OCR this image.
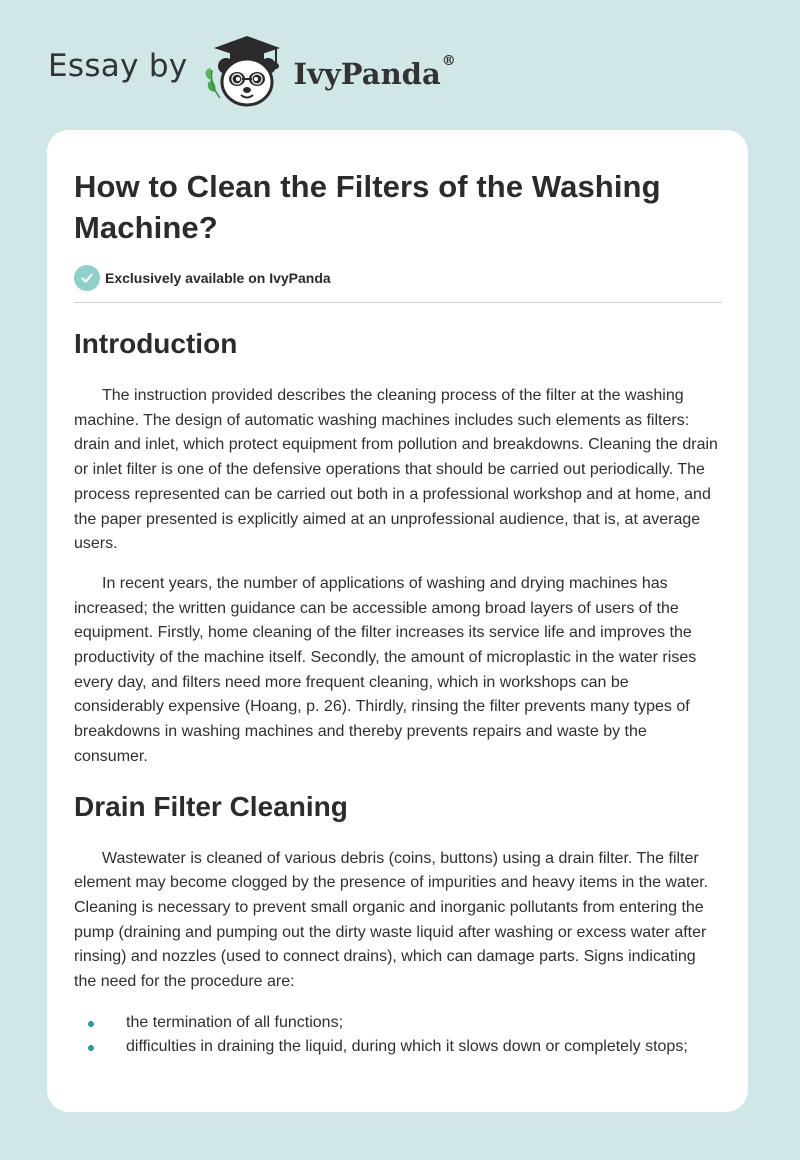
Essay by	IvyPanda®
How to Clean the Filters of the Washing Machine?
Exclusively available on IvyPanda
Introduction

The instruction provided describes the cleaning process of the filter at the washing machine. The design of automatic washing machines includes such elements as filters: drain and inlet, which protect equipment from pollution and breakdowns. Cleaning the drain or inlet filter is one of the defensive operations that should be carried out periodically. The process represented can be carried out both in a professional workshop and at home, and the paper presented is explicitly aimed at an unprofessional audience, that is, at average users.

In recent years, the number of applications of washing and drying machines has increased; the written guidance can be accessible among broad layers of users of the equipment. Firstly, home cleaning of the filter increases its service life and improves the productivity of the machine itself. Secondly, the amount of microplastic in the water rises every day, and filters need more frequent cleaning, which in workshops can be considerably expensive (Hoang, p. 26). Thirdly, rinsing the filter prevents many types of breakdowns in washing machines and thereby prevents repairs and waste by the consumer.

Drain Filter Cleaning

Wastewater is cleaned of various debris (coins, buttons) using a drain filter. The filter element may become clogged by the presence of impurities and heavy items in the water. Cleaning is necessary to prevent small organic and inorganic pollutants from entering the pump (draining and pumping out the dirty waste liquid after washing or excess water after rinsing) and nozzles (used to connect drains), which can damage parts. Signs indicating the need for the procedure are:

the termination of all functions;
difficulties in draining the liquid, during which it slows down or completely stops;
